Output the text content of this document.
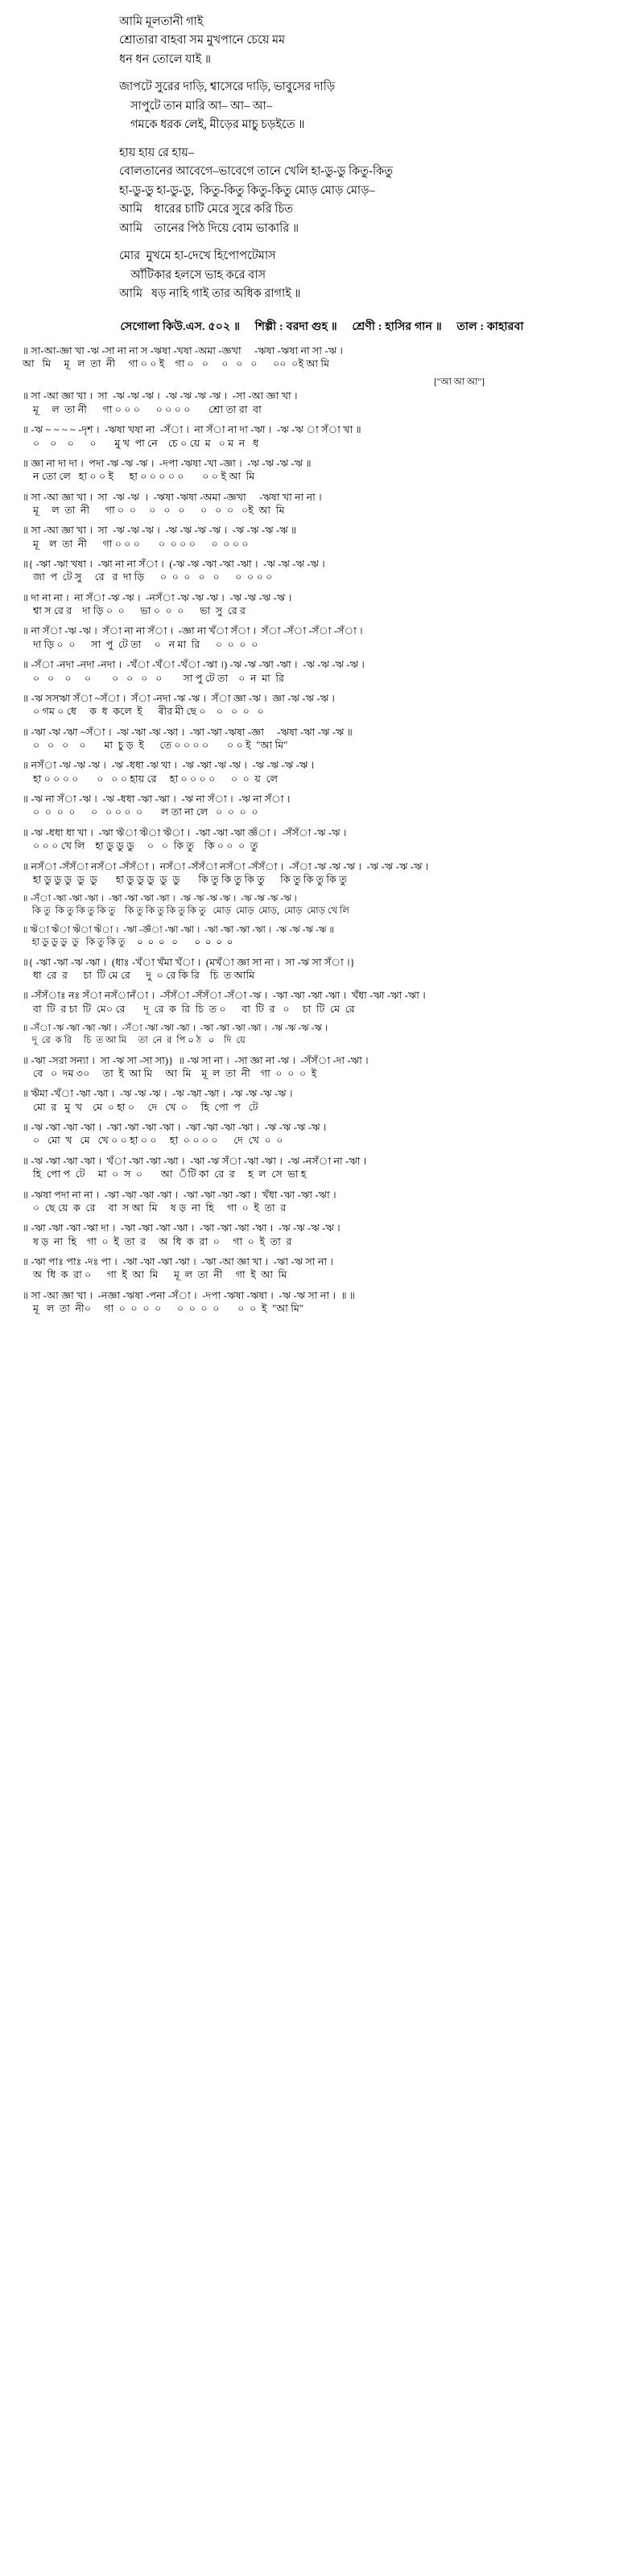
আমি মূলতানী গাই
শ্রোতারা বাহবা সম মুখপানে চেয়ে মম
ধন ধন তোলে যাই ॥
জাপটে সুরের দাড়ি, শ্বাসেরে দাড়ি, ভাবুসের দাড়ি
সাপুটে তান মারি আ– আ– আ–
গমকে ধরক লেই, মীড়ের মাচু চড়ইতে ॥
হায় হায় রে হায়–
বোলতানের আবেগে–ভাবেগে তানে খেলি হা-ডু-ডু কিতু-কিতু
হা-ডু-ডু হা-ডু-ডু,  কিতু-কিতু কিতু-কিতু মোড় মোড় মোড়–
আমি    ধারের চাটি মেরে সুরে করি চিত
আমি    তানের পিঠ দিয়ে বোম ভাকারি ॥
মোর  মুখমে হা-দেখে হিপোপটেমাস
আঁটিকার হলসে ভাহ করে বাস
আমি   ষড় নাহি গাই তার অধিক রাগাই ॥
সেগোলা কিউ.এস. ৫০২ ॥ শিল্পী : বরদা গুহ ॥ শ্রেণী : হাসির গান ॥ তাল : কাহারবা
॥ সা-আ-জ্ঞা খা -ঋ -সা না না স -ঋষা -খষা -অমা -জ্ঞখা     -ঋষা -ঋষা না সা -ঋ ।
আ   মি     মূ   ল  তা  নী     গা ০ ০ ই    গা ০   ০     ০   ০   ০      ০০  ০ই আ মি
["আ আ আ"]
॥ সা -আ জ্ঞা খা ।  সা  -ঋ -ঋ -ঋ ।  -ঋ -ঋ -ঋ -ঋ ।  -সা -আ জ্ঞা খা ।
মূ     ল  তা নী      গা ০ ০ ০      ০ ০ ০ ০       শ্রো তা রা  বা
॥ -ঋ ~ ~ ~ ~ -দৃশ ।  -ঋষা খষা না  -সঁা ।  না সঁা না দা -ঋা ।  -ঋ -ঋ া সঁা খা ॥
০    ০    ০      ০       মু খ  পা নে    চে ০ য়ে  ম   ০ ম  ন   ধ
॥ জ্ঞা না দা দা ।  পদা -ঋ -ঋ -ঋ ।  -দপা -ঋষা -খা -জ্ঞা ।  -ঋ -ঋ -ঋ -ঋ ॥
ন তো লে   হা ০ ০ ই      হা ০ ০ ০ ০ ০       ০ ০ ই আ  মি
॥ সা -আ জ্ঞা খা ।  সা  -ঋ -ঋ  ।  -ঋষা -ঋষা -অমা -জ্ঞখা     -ঋষা খা না না ।
মূ     ল  তা  নী      গা ০  ০     ০   ০   ০      ০   ০  ০   ০ই  আ  মি
॥ সা -আ জ্ঞা খা ।  সা  -ঋ -ঋ -ঋ ।  -ঋ -ঋ -ঋ -ঋ ।  -ঋ -ঋ -ঋ -ঋ ॥
মূ    ল  তা  নী      গা ০ ০ ০       ০  ০ ০ ০      ০  ০ ০ ০
॥{ -ঋা -ঋা খষা ।  -ঋা না না সঁা ।  (-ঋ -ঋ -ঋা -ঋা -ঋা ।  -ঋ -ঋ -ঋ -ঋ ।
জা  প  টে সু     রে   র  দা ড়ি      ০  ০  ০   ০   ০      ০  ০ ০ ০
॥ দা না না ।  না সঁা -ঋ -ঋ ।  -নসঁা -ঋ -ঋ -ঋ ।  -ঋ -ঋ -ঋ -ঋ ।
শ্বা স রে র    দা ড়ি ০  ০      ভা ০  ০  ০      ভা  সু  রে র
॥ না সঁা -ঋ -ঋ ।  সঁা না না সঁা ।  -জ্ঞা না খঁা সঁা ।  সঁা -সঁা -সঁা -সঁা ।
দা ড়ি ০  ০      সা  পু  টে তা     ০   ন মা  রি      ০  ০  ০  ০
॥ -সঁা -নদা -নদা -নদা ।  -খঁা -খঁা -খঁা -ঋা ।) -ঋ -ঋ -ঋা -ঋা ।  -ঋ -ঋ -ঋ -ঋ ।
০   ০    ০     ০        ০   ০   ০   ০        সা পু টে তা    ০  ন  মা  রি
॥ -ঋ সসঋা সঁা ~সঁা ।  সঁা -নদা -ঋ -ঋ ।  সঁা জ্ঞা -ঋ ।  জ্ঞা -ঋ -ঋ -ঋ ।
০ গম ০ ধে     ক  ধ  কলে  ই      ৰীর মী ছে ০    ০   ০  ০   ০
॥ -ঋা -ঋ -ঋা ~সঁা ।  -ঋ -ঋা -ঋ -ঋা ।  -ঋা -ঋা -ঋষা -জ্ঞা     -ঋষা -ঋা -ঋ -ঋ ॥
০   ০   ০    ০       মা  চু ড়  ই      তে ০ ০ ০ ০       ০ ০ ই  "আ মি"
॥ নসঁা -ঋ -ঋ -ঋ ।  -ঋ -ধধা -ঋ খা ।  -ঋ -ঋা -ঋ -ঋ ।  -ঋ -ঋ -ঋ -ঋ ।
হা ০ ০ ০ ০       ০   ০ ০ হায় রে     হা ০ ০ ০ ০      ০  ০  য়  লে
॥ -ঋ না সঁা -ঋ ।  -ঋ -ধধা -ঋা -ঋা ।  -ঋ না সঁা ।  -ঋ না সঁা ।
০  ০  ০  ০      ০   ০ ০ ০  ০       ল তা না লে   ০  ০  ০  ০
॥ -ঋ -ধধা ধা খা ।  -ঋা ঋঁা ঋঁা ঋঁা ।  -ঋা -ঋা -ঋা জ্ঞঁা ।  -সঁসঁা -ঋ -ঋ ।
০ ০ ০ খে লি    হা ডু ডু ডু     ০   ০  কি তু    কি ০ ০  ০  তু
॥ নসঁা -সঁসঁা নসঁা -সঁসঁা ।  নসঁা -সঁসঁা নসঁা -সঁসঁা ।  -সঁা -ঋ -ঋ -ঋ ।  -ঋ -ঋ -ঋ -ঋ ।
হা ডু ডু ডু  ডু  ডু       হা ডু ডু ডু  ডু  ডু       কি তু কি তু কি তু      কি তু কি তু কি তু
॥ -সঁা -ঋা -ঋা -ঋা ।  -ঋা -ঋা -ঋা -ঋা ।  -ঋ -ঋ -ঋ -ঋ ।  -ঋ -ঋ -ঋ -ঋ ।
কি তু  কি তু কি তু কি তু    কি তু কি তু কি তু কি তু   মোড়  মোড়  মোড়,  মোড়  মোড় খে লি
॥ ঋঁা ঋঁা ঋঁা ঋঁা ।  -ঋা -জ্ঞঁা -ঋা -ঋা ।  -ঋা -ঋা -ঋা -ঋা ।  -ঋ -ঋ -ঋ -ঋ ॥
হা ডু ডু ডু  ডু   কি তু কি তু     ০  ০  ০   ০       ০  ০  ০  ০
॥{ -ঋা -ঋা -ঋ -ঋা ।  (ধাঃ -খঁা খঁমা খঁা ।  (মখঁা জ্ঞা সা না ।  সা -ঋ সা সঁা ।}
ধা  রে  র      চা  টি মে রে      দু  ০ রে কি রি    চি  ত আমি
॥ -সঁসঁাঃ নঃ সঁা নসঁানঁা ।  -সঁসঁা -সঁসঁা -সঁা -ঋ ।  -ঋা -ঋা -ঋা -ঋা ।  খঁধা -ঋা -ঋা -ঋা ।
বা  টি  র চা  টি  মে০ রে       দূ  রে  ক  রি  চি  ত ০      বা  টি  র   ০     চা  টি  মে  রে
॥ -সঁা -ঋ -ঋা -ঋা -ঋা ।  -সঁা -ঋা -ঋা -ঋা ।  -ঋা -ঋা -ঋা -ঋা ।  -ঋ -ঋ -ঋ -ঋ ।
দূ  রে  ক রি     চি  ত আ মি     তা  নে  র  পি ০ ঠ   ০    দি  য়ে
॥ -ঋা -সরা সন্যা ।  সা -ঋ সা -সা সা)}  ॥ -ঋ সা না ।  -সা জ্ঞা না -ঋ ।  -সঁসঁা -দা -ঋা ।
বে   ০  দম ৩০     তা  ই  আ মি     আ  মি    মূ  ল  তা  নী    গা  ০  ০  ০  ই
॥ ঋঁমা -খঁা -ঋা -ঋা ।  -ঋ -ঋ -ঋ ।  -ঋ -ঋা -ঋা ।  -ঋ -ঋ -ঋ -ঋ ।
মো  র   মু  খ    মে  ০ হা ০     দে   খে  ০     হি  পো  প   টে
॥ -ঋ -ঋা -ঋা -ঋা ।  -ঋা -ঋা -ঋা -ঋা ।  -ঋা -ঋা -ঋা -ঋা ।  -ঋ -ঋ -ঋ -ঋ ।
০   মো  খ   মে   খে ০ ০ হা ০ ০     হা  ০ ০ ০ ০      দে  খে  ০  ০
॥ -ঋ -ঋা -ঋা -ঋা ।  খঁা -ঋা -ঋা -ঋা ।  -ঋা -ঋ সঁা -ঋা -ঋা ।  -ঋ -নসঁা না -ঋা ।
হি  পো প  টে     মা  ০  স  ০       আ  ঁটি কা  রে  র     হ  ল  সে  ভা হ
॥ -ঋষা পদা না না ।  -ঋা -ঋা -ঋা -ঋা ।  -ঋা -ঋা -ঋা -ঋা ।  খঁধা -ঋা -ঋা -ঋা ।
০  ছে য়ে  ক  রে     বা  স আ  মি     ষ ড়  না  হি     গা  ০  ই  তা  র
॥ -ঋা -ঋা -ঋা -ঋা দা ।  -ঋা -ঋা -ঋা -ঋা ।  -ঋা -ঋা -ঋা -ঋা ।  -ঋ -ঋ -ঋ -ঋ ।
ষ ড়  না  হি    গা  ০  ই  তা  র     অ  ধি  ক  রা  ০     গা  ০  ই  তা  র
॥ -ঋা পাঃ পাঃ -দঃ পা ।  -ঋা -ঋা -ঋা -ঋা ।  -ঋা -আ জ্ঞা খা ।  -ঋা -ঋ সা না ।
অ  ধি  ক  রা ০      গা  ই  আ  মি      মূ  ল  তা  নী     গা  ই  আ  মি
॥ সা -আ জ্ঞা খা ।  -নজ্ঞা -ঋষা -পনা -সঁা ।  -দপা -ঋষা -ঋষা ।  -ঋ -ঋ সা না ।  ॥ ॥
মূ   ল  তা  নী০     গা  ০  ০  ০  ০      ০  ০  ০  ০       ০  ০  ই  "আ মি"
